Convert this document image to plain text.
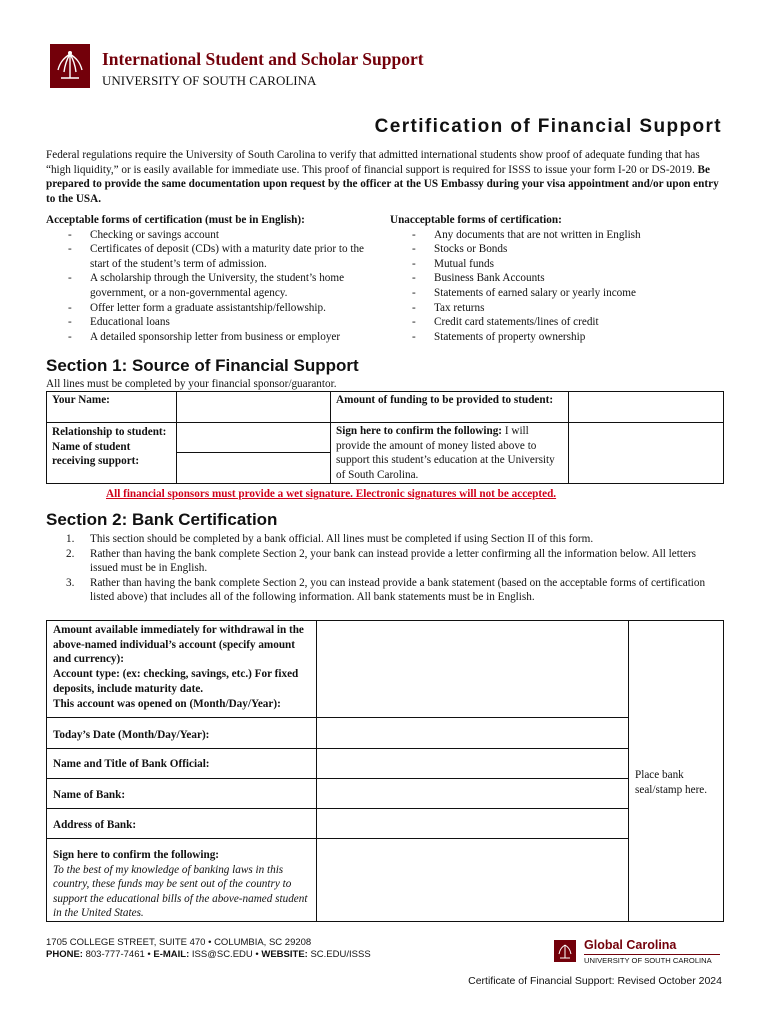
International Student and Scholar Support
UNIVERSITY OF SOUTH CAROLINA
Certification of Financial Support
Federal regulations require the University of South Carolina to verify that admitted international students show proof of adequate funding that has “high liquidity,” or is easily available for immediate use. This proof of financial support is required for ISSS to issue your form I-20 or DS-2019. Be prepared to provide the same documentation upon request by the officer at the US Embassy during your visa appointment and/or upon entry to the USA.
Acceptable forms of certification (must be in English):
- Checking or savings account
- Certificates of deposit (CDs) with a maturity date prior to the start of the student’s term of admission.
- A scholarship through the University, the student’s home government, or a non-governmental agency.
- Offer letter form a graduate assistantship/fellowship.
- Educational loans
- A detailed sponsorship letter from business or employer
Unacceptable forms of certification:
- Any documents that are not written in English
- Stocks or Bonds
- Mutual funds
- Business Bank Accounts
- Statements of earned salary or yearly income
- Tax returns
- Credit card statements/lines of credit
- Statements of property ownership
Section 1: Source of Financial Support
All lines must be completed by your financial sponsor/guarantor.
Your Name:		Amount of funding to be provided to student:	

Relationship to student:
Name of student receiving support:		Sign here to confirm the following: I will provide the amount of money listed above to support this student’s education at the University of South Carolina.	
All financial sponsors must provide a wet signature. Electronic signatures will not be accepted.
Section 2: Bank Certification
1. This section should be completed by a bank official. All lines must be completed if using Section II of this form.
2. Rather than having the bank complete Section 2, your bank can instead provide a letter confirming all the information below. All letters issued must be in English.
3. Rather than having the bank complete Section 2, you can instead provide a bank statement (based on the acceptable forms of certification listed above) that includes all of the following information. All bank statements must be in English.
Amount available immediately for withdrawal in the above-named individual’s account (specify amount and currency):
Account type: (ex: checking, savings, etc.) For fixed deposits, include maturity date.
This account was opened on (Month/Day/Year):
Today’s Date (Month/Day/Year):
Name and Title of Bank Official:
Name of Bank:
Address of Bank:
Sign here to confirm the following:
To the best of my knowledge of banking laws in this country, these funds may be sent out of the country to support the educational bills of the above-named student in the United States.
Place bank seal/stamp here.
1705 COLLEGE STREET, SUITE 470 • COLUMBIA, SC 29208
PHONE: 803-777-7461 • E-MAIL: ISS@SC.EDU • WEBSITE: SC.EDU/ISSS
Global Carolina
UNIVERSITY OF SOUTH CAROLINA
Certificate of Financial Support: Revised October 2024
